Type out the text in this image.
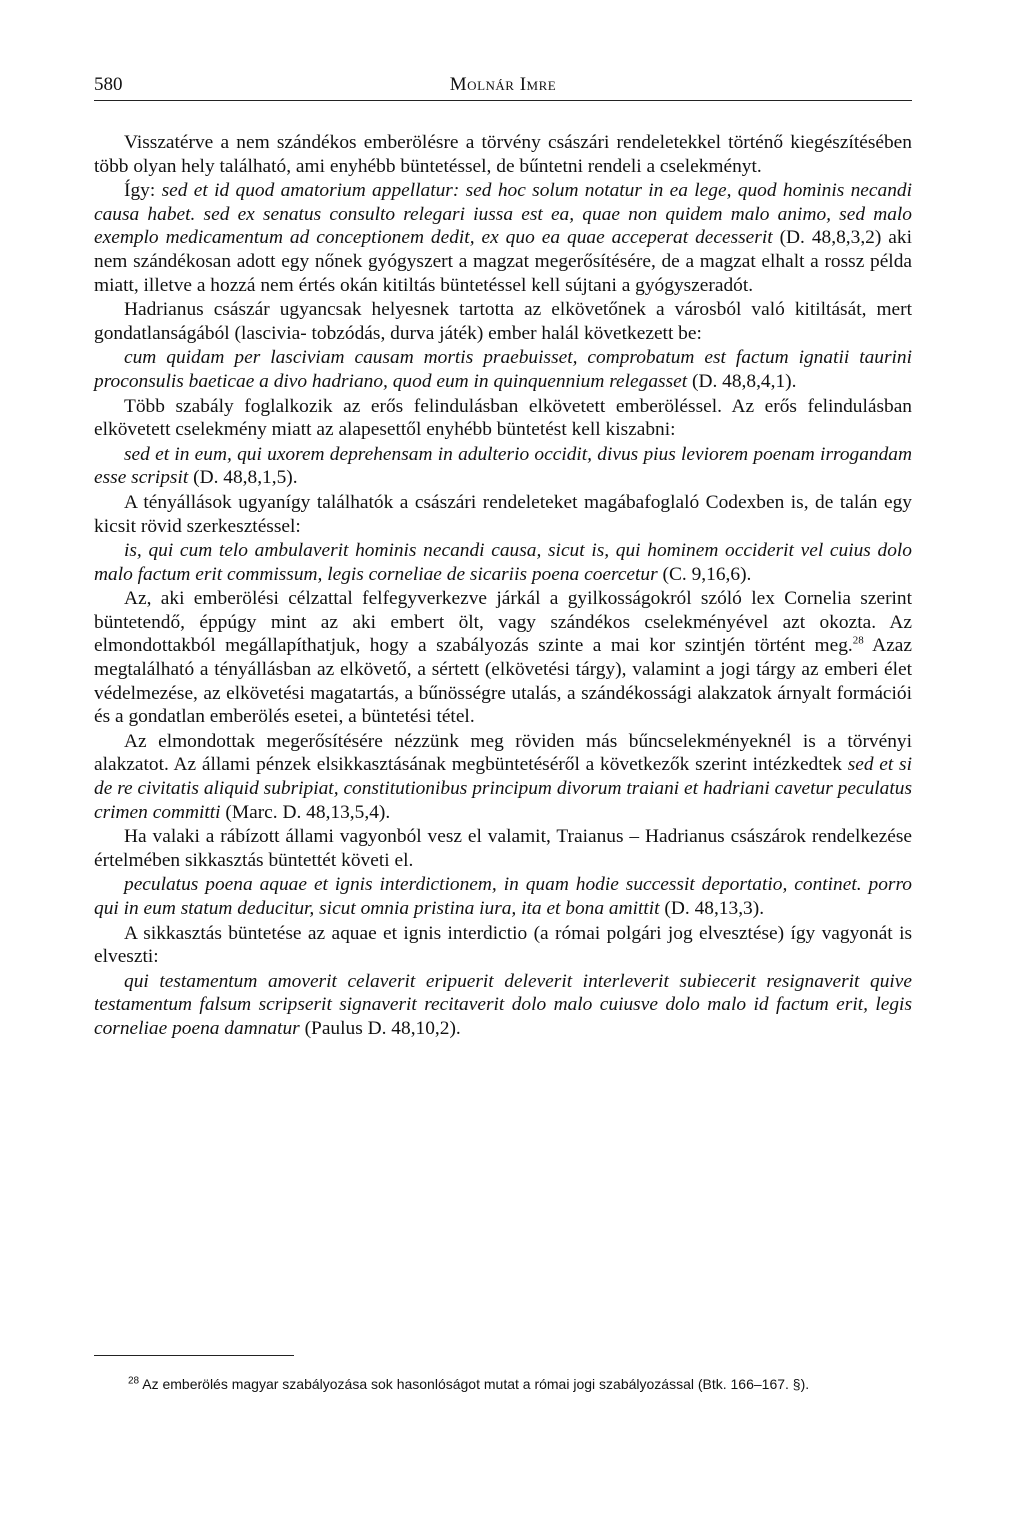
580	Molnár Imre

Visszatérve a nem szándékos emberölésre a törvény császári rendeletekkel történő kiegészítésében több olyan hely található, ami enyhébb büntetéssel, de bűntetni rendeli a cselekményt.

Így: sed et id quod amatorium appellatur: sed hoc solum notatur in ea lege, quod hominis necandi causa habet. sed ex senatus consulto relegari iussa est ea, quae non quidem malo animo, sed malo exemplo medicamentum ad conceptionem dedit, ex quo ea quae acceperat decesserit (D. 48,8,3,2) aki nem szándékosan adott egy nőnek gyógyszert a magzat megerősítésére, de a magzat elhalt a rossz példa miatt, illetve a hozzá nem értés okán kitiltás büntetéssel kell sújtani a gyógyszeradót.

Hadrianus császár ugyancsak helyesnek tartotta az elkövetőnek a városból való kitiltását, mert gondatlanságából (lascivia- tobzódás, durva játék) ember halál következett be:

cum quidam per lasciviam causam mortis praebuisset, comprobatum est factum ignatii taurini proconsulis baeticae a divo hadriano, quod eum in quinquennium relegasset (D. 48,8,4,1).

Több szabály foglalkozik az erős felindulásban elkövetett emberöléssel. Az erős felindulásban elkövetett cselekmény miatt az alapesettől enyhébb büntetést kell kiszabni:

sed et in eum, qui uxorem deprehensam in adulterio occidit, divus pius leviorem poenam irrogandam esse scripsit (D. 48,8,1,5).

A tényállások ugyanígy találhatók a császári rendeleteket magábafoglaló Codexben is, de talán egy kicsit rövid szerkesztéssel:

is, qui cum telo ambulaverit hominis necandi causa, sicut is, qui hominem occiderit vel cuius dolo malo factum erit commissum, legis corneliae de sicariis poena coercetur (C. 9,16,6).

Az, aki emberölési célzattal felfegyverkezve járkál a gyilkosságokról szóló lex Cornelia szerint büntetendő, éppúgy mint az aki embert ölt, vagy szándékos cselekményével azt okozta. Az elmondottakból megállapíthatjuk, hogy a szabályozás szinte a mai kor szintjén történt meg.$^{28}$ Azaz megtalálható a tényállásban az elkövető, a sértett (elkövetési tárgy), valamint a jogi tárgy az emberi élet védelmezése, az elkövetési magatartás, a bűnösségre utalás, a szándékossági alakzatok árnyalt formációi és a gondatlan emberölés esetei, a büntetési tétel.

Az elmondottak megerősítésére nézzünk meg röviden más bűncselekményeknél is a törvényi alakzatot. Az állami pénzek elsikkasztásának megbüntetéséről a következők szerint intézkedtek sed et si de re civitatis aliquid subripiat, constitutionibus principum divorum traiani et hadriani cavetur peculatus crimen committi (Marc. D. 48,13,5,4).

Ha valaki a rábízott állami vagyonból vesz el valamit, Traianus – Hadrianus császárok rendelkezése értelmében sikkasztás büntettét követi el.

peculatus poena aquae et ignis interdictionem, in quam hodie successit deportatio, continet. porro qui in eum statum deducitur, sicut omnia pristina iura, ita et bona amittit (D. 48,13,3).

A sikkasztás büntetése az aquae et ignis interdictio (a római polgári jog elvesztése) így vagyonát is elveszti:

qui testamentum amoverit celaverit eripuerit deleverit interleverit subiecerit resignaverit quive testamentum falsum scripserit signaverit recitaverit dolo malo cuiusve dolo malo id factum erit, legis corneliae poena damnatur (Paulus D. 48,10,2).

$^{28}$ Az emberölés magyar szabályozása sok hasonlóságot mutat a római jogi szabályozással (Btk. 166–167. §).
